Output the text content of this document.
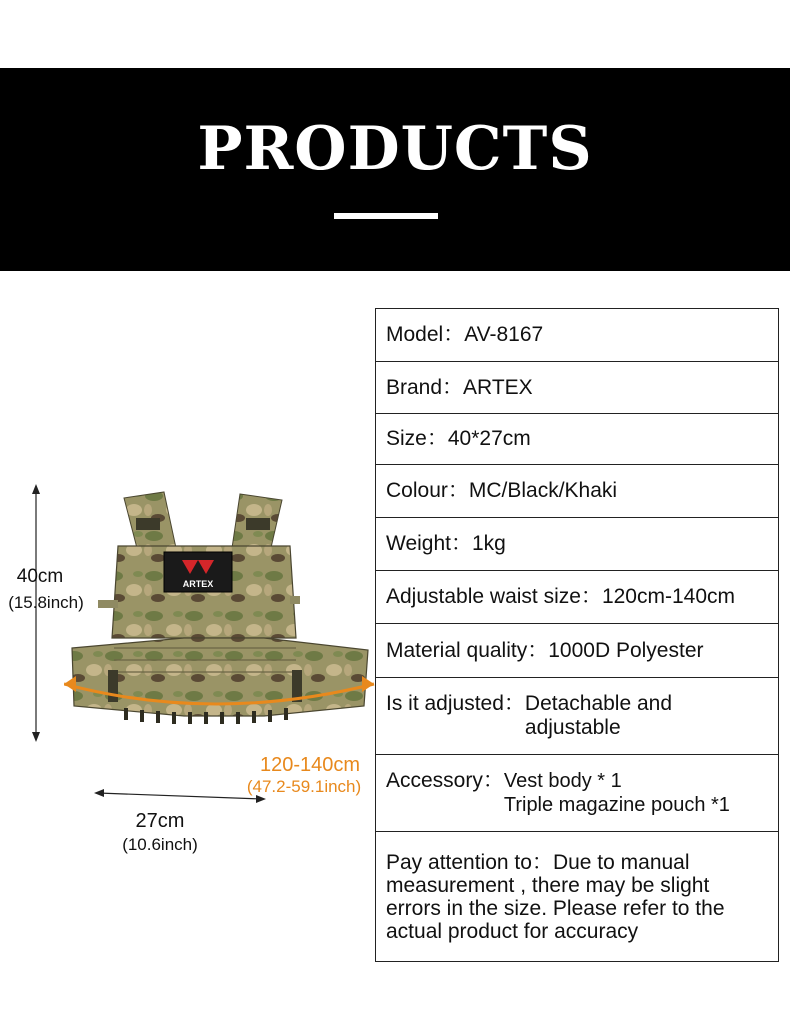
PRODUCTS
ARTEX
40cm
(15.8inch)
27cm
(10.6inch)
120-140cm
(47.2-59.1inch)
Model：AV-8167
Brand：ARTEX
Size：40*27cm
Colour：MC/Black/Khaki
Weight：1kg
Adjustable waist size：120cm-140cm
Material quality：1000D Polyester

Is it adjusted： Detachable and
adjustable

Accessory： Vest body * 1
Triple magazine pouch *1

Pay attention to：Due to manual
measurement , there may be slight
errors in the size. Please refer to the
actual product for accuracy
